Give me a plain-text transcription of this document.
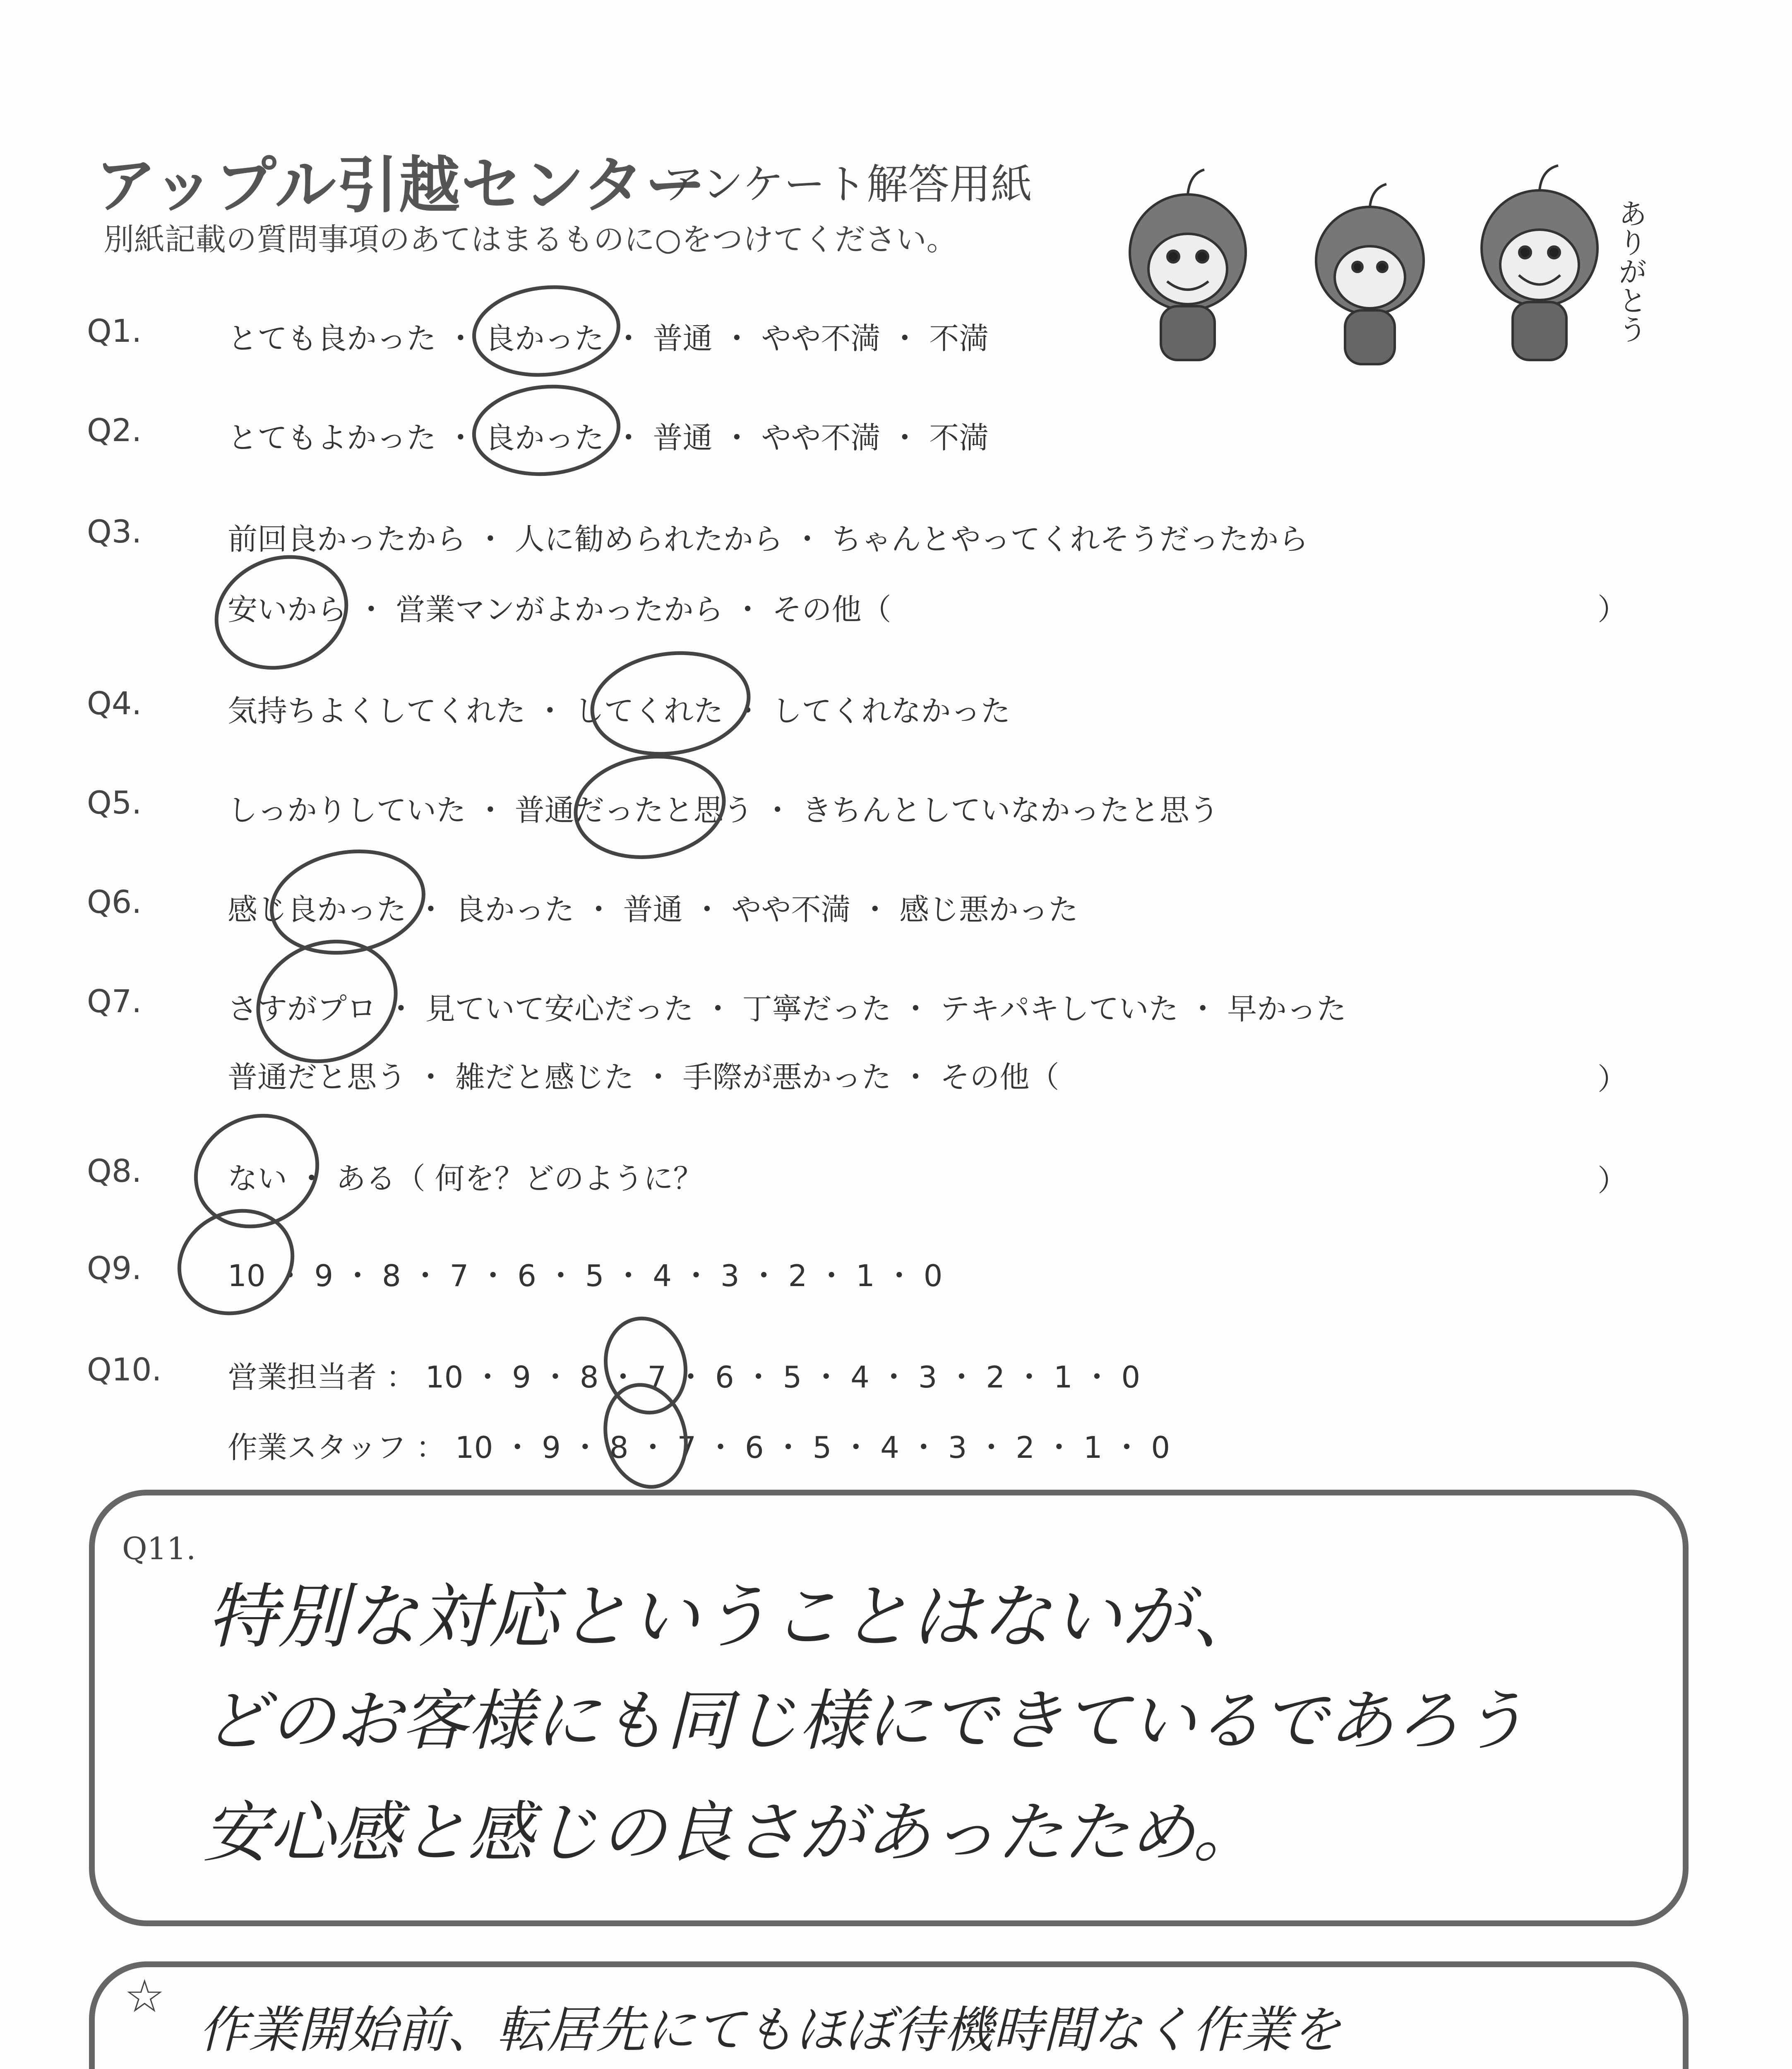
アップル引越センター
アンケート解答用紙
別紙記載の質問事項のあてはまるものに○をつけてください。	ありがとう
Q1.	とても良かった ・ 良かった ・ 普通 ・ やや不満 ・ 不満
Q2.	とてもよかった ・ 良かった ・ 普通 ・ やや不満 ・ 不満
Q3.	前回良かったから ・ 人に勧められたから ・ ちゃんとやってくれそうだったから
安いから ・ 営業マンがよかったから ・ その他（	）
Q4.	気持ちよくしてくれた ・ してくれた ・ してくれなかった
Q5.	しっかりしていた ・ 普通だったと思う ・ きちんとしていなかったと思う
Q6.	感じ良かった ・ 良かった ・ 普通 ・ やや不満 ・ 感じ悪かった
Q7.	さすがプロ ・ 見ていて安心だった ・ 丁寧だった ・ テキパキしていた ・ 早かった
普通だと思う ・ 雑だと感じた ・ 手際が悪かった ・ その他（	）
Q8.	ない ・ ある（ 何を？どのように？	）
Q9.	10 ・ 9 ・ 8 ・ 7 ・ 6 ・ 5 ・ 4 ・ 3 ・ 2 ・ 1 ・ 0
Q10. 営業担当者 ： 10 ・ 9 ・ 8 ・ 7 ・ 6 ・ 5 ・ 4 ・ 3 ・ 2 ・ 1 ・ 0
作業スタッフ ： 10 ・ 9 ・ 8 ・ 7 ・ 6 ・ 5 ・ 4 ・ 3 ・ 2 ・ 1 ・ 0
Q11.
特別な対応ということはないが、
どのお客様にも同じ様にできているであろう
安心感と感じの良さがあったため。
☆
作業開始前、転居先にてもほぼ待機時間なく作業を
